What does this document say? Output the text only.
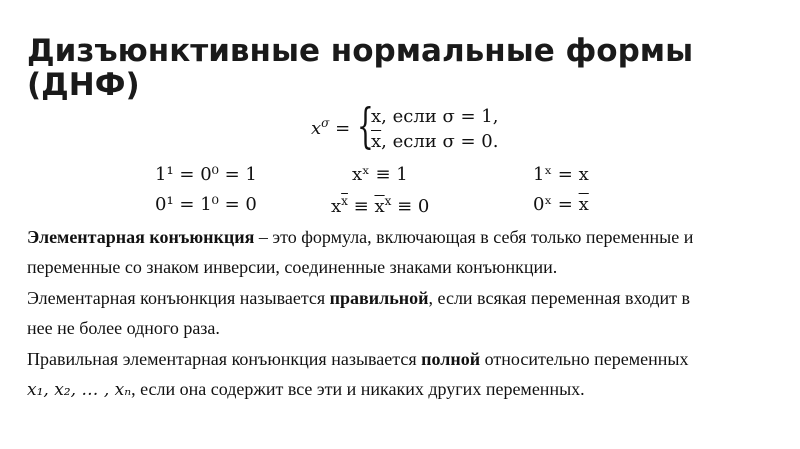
Дизъюнктивные нормальные формы
(ДНФ)
$x^\sigma$ = {
x, если σ = 1,
$\overline{x}$, если σ = 0.
1¹ = 0⁰ = 1
0¹ = 1⁰ = 0
xˣ ≡ 1
$x^{\overline{x}} \equiv \overline{x}^x \equiv 0$
1ˣ = x
0ˣ = $\overline{x}$

Элементарная конъюнкция – это формула, включающая в себя только переменные и

переменные со знаком инверсии, соединенные знаками конъюнкции.

Элементарная конъюнкция называется правильной, если всякая переменная входит в

нее не более одного раза.

Правильная элементарная конъюнкция называется полной относительно переменных

x₁, x₂, … , xₙ, если она содержит все эти и никаких других переменных.
